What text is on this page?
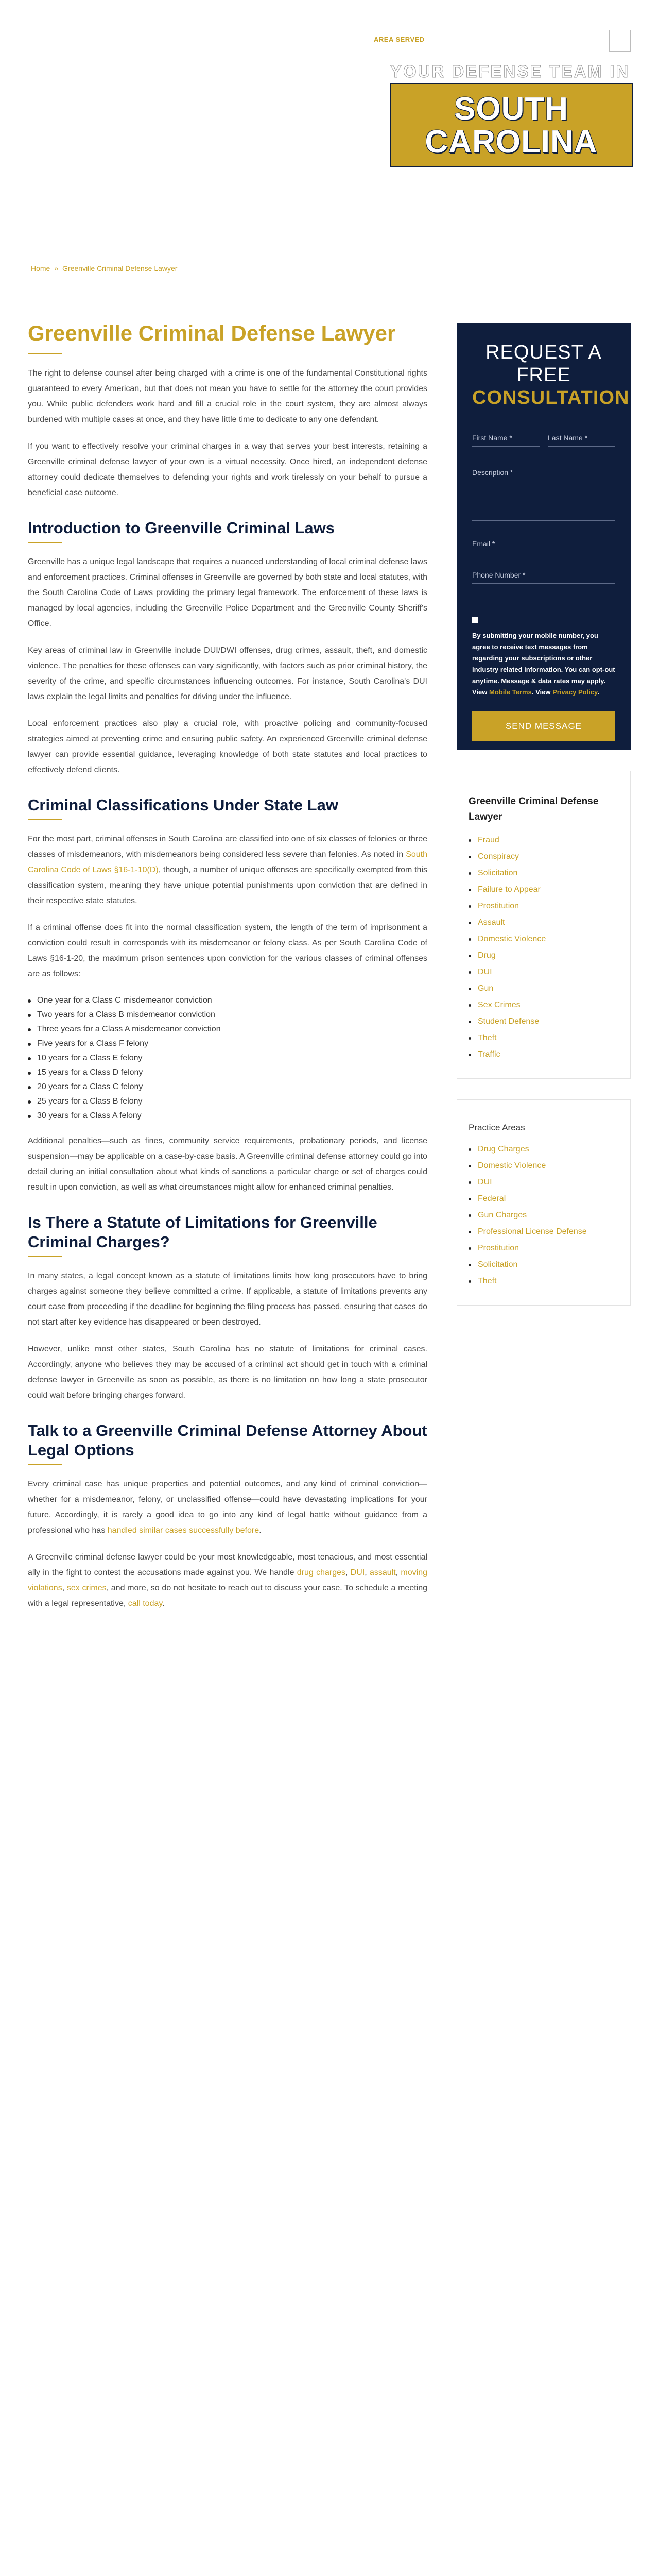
AREA SERVED
YOUR DEFENSE TEAM IN
SOUTH
CAROLINA
Home » Greenville Criminal Defense Lawyer
Greenville Criminal Defense Lawyer

The right to defense counsel after being charged with a crime is one of the fundamental Constitutional rights guaranteed to every American, but that does not mean you have to settle for the attorney the court provides you. While public defenders work hard and fill a crucial role in the court system, they are almost always burdened with multiple cases at once, and they have little time to dedicate to any one defendant.

If you want to effectively resolve your criminal charges in a way that serves your best interests, retaining a Greenville criminal defense lawyer of your own is a virtual necessity. Once hired, an independent defense attorney could dedicate themselves to defending your rights and work tirelessly on your behalf to pursue a beneficial case outcome.

Introduction to Greenville Criminal Laws

Greenville has a unique legal landscape that requires a nuanced understanding of local criminal defense laws and enforcement practices. Criminal offenses in Greenville are governed by both state and local statutes, with the South Carolina Code of Laws providing the primary legal framework. The enforcement of these laws is managed by local agencies, including the Greenville Police Department and the Greenville County Sheriff's Office.

Key areas of criminal law in Greenville include DUI/DWI offenses, drug crimes, assault, theft, and domestic violence. The penalties for these offenses can vary significantly, with factors such as prior criminal history, the severity of the crime, and specific circumstances influencing outcomes. For instance, South Carolina's DUI laws explain the legal limits and penalties for driving under the influence.

Local enforcement practices also play a crucial role, with proactive policing and community-focused strategies aimed at preventing crime and ensuring public safety. An experienced Greenville criminal defense lawyer can provide essential guidance, leveraging knowledge of both state statutes and local practices to effectively defend clients.

Criminal Classifications Under State Law

For the most part, criminal offenses in South Carolina are classified into one of six classes of felonies or three classes of misdemeanors, with misdemeanors being considered less severe than felonies. As noted in South Carolina Code of Laws §16-1-10(D), though, a number of unique offenses are specifically exempted from this classification system, meaning they have unique potential punishments upon conviction that are defined in their respective state statutes.

If a criminal offense does fit into the normal classification system, the length of the term of imprisonment a conviction could result in corresponds with its misdemeanor or felony class. As per South Carolina Code of Laws §16-1-20, the maximum prison sentences upon conviction for the various classes of criminal offenses are as follows:

One year for a Class C misdemeanor conviction
Two years for a Class B misdemeanor conviction
Three years for a Class A misdemeanor conviction
Five years for a Class F felony
10 years for a Class E felony
15 years for a Class D felony
20 years for a Class C felony
25 years for a Class B felony
30 years for a Class A felony

Additional penalties—such as fines, community service requirements, probationary periods, and license suspension—may be applicable on a case-by-case basis. A Greenville criminal defense attorney could go into detail during an initial consultation about what kinds of sanctions a particular charge or set of charges could result in upon conviction, as well as what circumstances might allow for enhanced criminal penalties.

Is There a Statute of Limitations for Greenville Criminal Charges?

In many states, a legal concept known as a statute of limitations limits how long prosecutors have to bring charges against someone they believe committed a crime. If applicable, a statute of limitations prevents any court case from proceeding if the deadline for beginning the filing process has passed, ensuring that cases do not start after key evidence has disappeared or been destroyed.

However, unlike most other states, South Carolina has no statute of limitations for criminal cases. Accordingly, anyone who believes they may be accused of a criminal act should get in touch with a criminal defense lawyer in Greenville as soon as possible, as there is no limitation on how long a state prosecutor could wait before bringing charges forward.

Talk to a Greenville Criminal Defense Attorney About Legal Options

Every criminal case has unique properties and potential outcomes, and any kind of criminal conviction—whether for a misdemeanor, felony, or unclassified offense—could have devastating implications for your future. Accordingly, it is rarely a good idea to go into any kind of legal battle without guidance from a professional who has handled similar cases successfully before.

A Greenville criminal defense lawyer could be your most knowledgeable, most tenacious, and most essential ally in the fight to contest the accusations made against you. We handle drug charges, DUI, assault, moving violations, sex crimes, and more, so do not hesitate to reach out to discuss your case. To schedule a meeting with a legal representative, call today.

REQUEST A
FREE
CONSULTATION
First Name *	Last Name *
Description *
Email *
Phone Number *

By submitting your mobile number, you agree to receive text messages from regarding your subscriptions or other industry related information. You can opt-out anytime. Message & data rates may apply. View Mobile Terms. View Privacy Policy.

SEND MESSAGE
Greenville Criminal Defense Lawyer
Fraud
Conspiracy
Solicitation
Failure to Appear
Prostitution
Assault
Domestic Violence
Drug
DUI
Gun
Sex Crimes
Student Defense
Theft
Traffic
Practice Areas
Drug Charges
Domestic Violence
DUI
Federal
Gun Charges
Professional License Defense
Prostitution
Solicitation
Theft
